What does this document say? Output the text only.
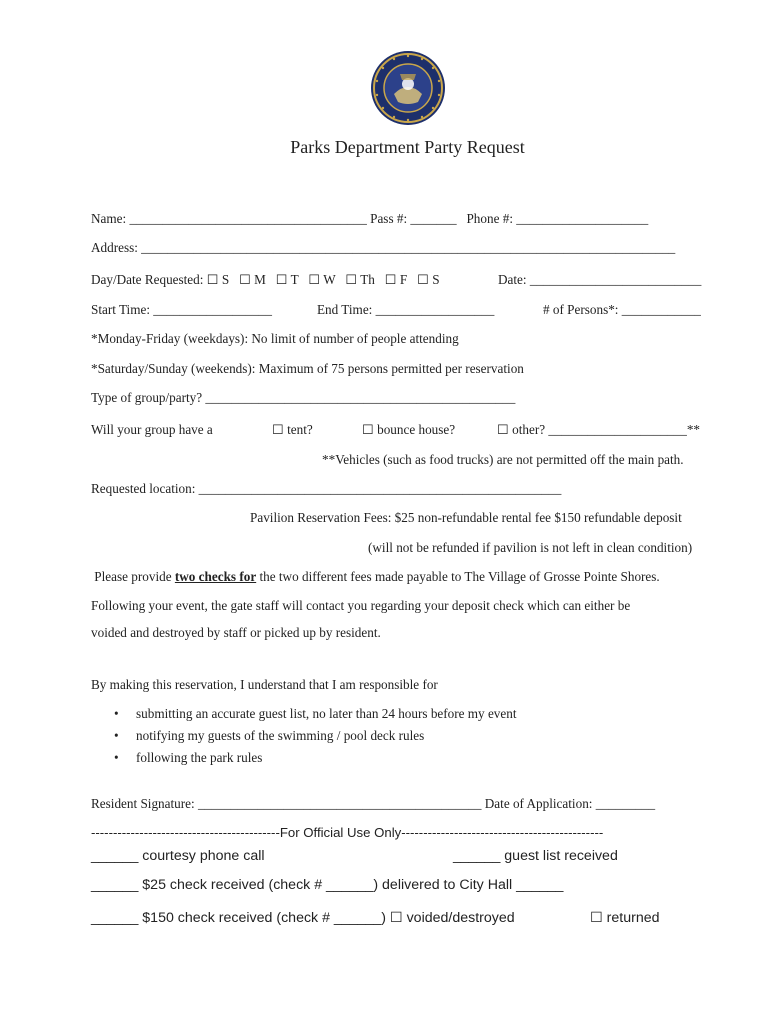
Parks Department Party Request
Name: ____________________________________ Pass #: _______   Phone #: ____________________
Address: _________________________________________________________________________________
Day/Date Requested: ☐ S   ☐ M   ☐ T   ☐ W   ☐ Th   ☐ F   ☐ S	Date: __________________________
Start Time: __________________	End Time: __________________	# of Persons*: ____________
*Monday-Friday (weekdays): No limit of number of people attending
*Saturday/Sunday (weekends): Maximum of 75 persons permitted per reservation
Type of group/party? _______________________________________________
Will your group have a	☐ tent?	☐ bounce house?	☐ other? _____________________**
**Vehicles (such as food trucks) are not permitted off the main path.
Requested location: _______________________________________________________
Pavilion Reservation Fees: $25 non-refundable rental fee $150 refundable deposit
(will not be refunded if pavilion is not left in clean condition)
Please provide two checks for the two different fees made payable to The Village of Grosse Pointe Shores.
Following your event, the gate staff will contact you regarding your deposit check which can either be
voided and destroyed by staff or picked up by resident.
By making this reservation, I understand that I am responsible for
• submitting an accurate guest list, no later than 24 hours before my event
• notifying my guests of the swimming / pool deck rules
• following the park rules
Resident Signature: ___________________________________________ Date of Application: _________
-------------------------------------------For Official Use Only----------------------------------------------
______ courtesy phone call	______ guest list received
______ $25 check received (check # ______) delivered to City Hall ______
______ $150 check received (check # ______) ☐ voided/destroyed	☐ returned
